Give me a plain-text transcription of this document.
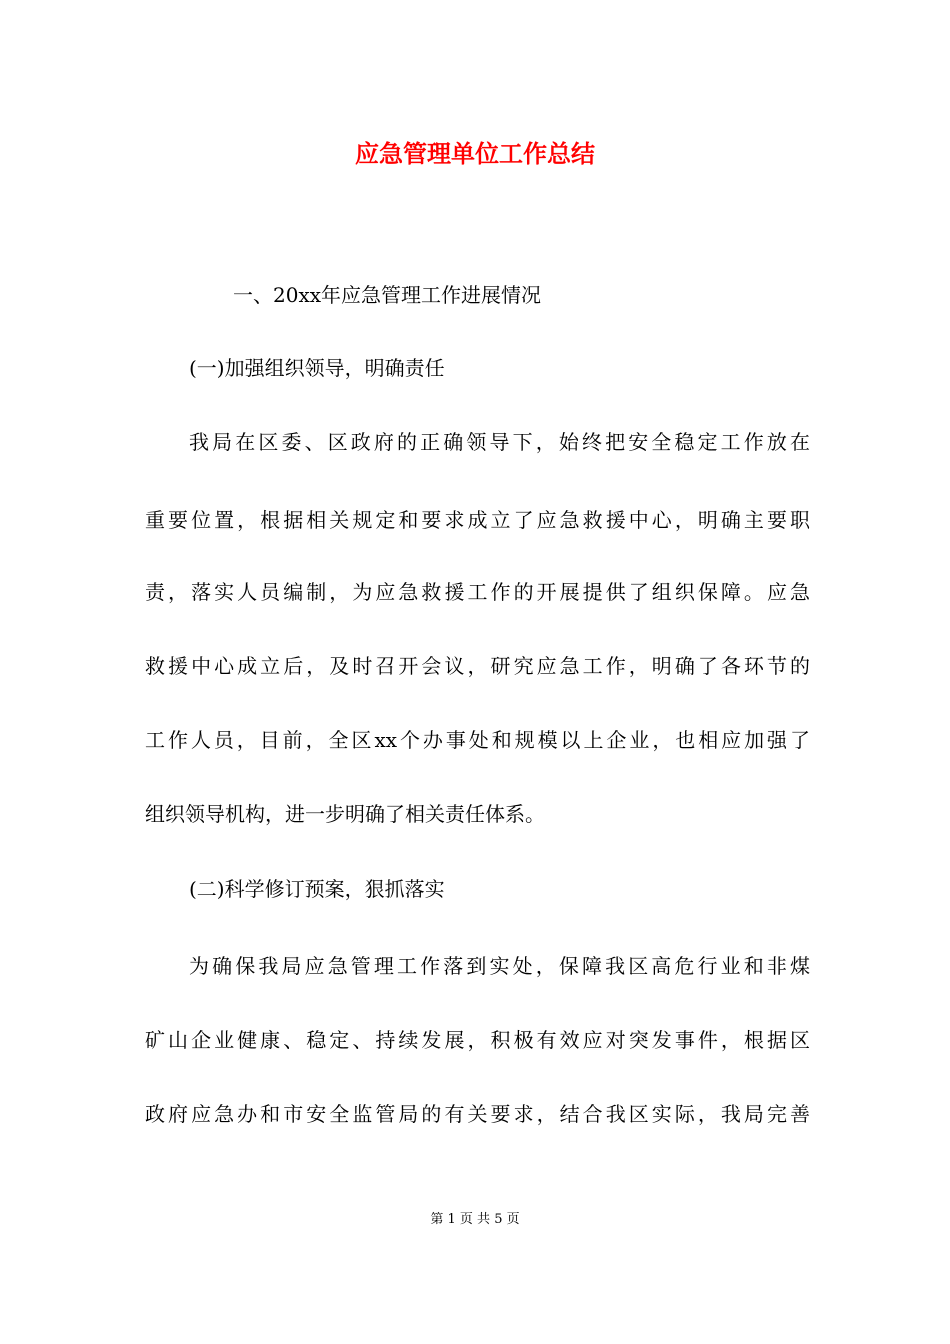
应急管理单位工作总结

一、20xx年应急管理工作进展情况

(一)加强组织领导，明确责任

我局在区委、区政府的正确领导下，始终把安全稳定工作放在

重要位置，根据相关规定和要求成立了应急救援中心，明确主要职

责，落实人员编制，为应急救援工作的开展提供了组织保障。应急

救援中心成立后，及时召开会议，研究应急工作，明确了各环节的

工作人员，目前，全区xx个办事处和规模以上企业，也相应加强了

组织领导机构，进一步明确了相关责任体系。

(二)科学修订预案，狠抓落实

为确保我局应急管理工作落到实处，保障我区高危行业和非煤

矿山企业健康、稳定、持续发展，积极有效应对突发事件，根据区

政府应急办和市安全监管局的有关要求，结合我区实际，我局完善

第 1 页 共 5 页
